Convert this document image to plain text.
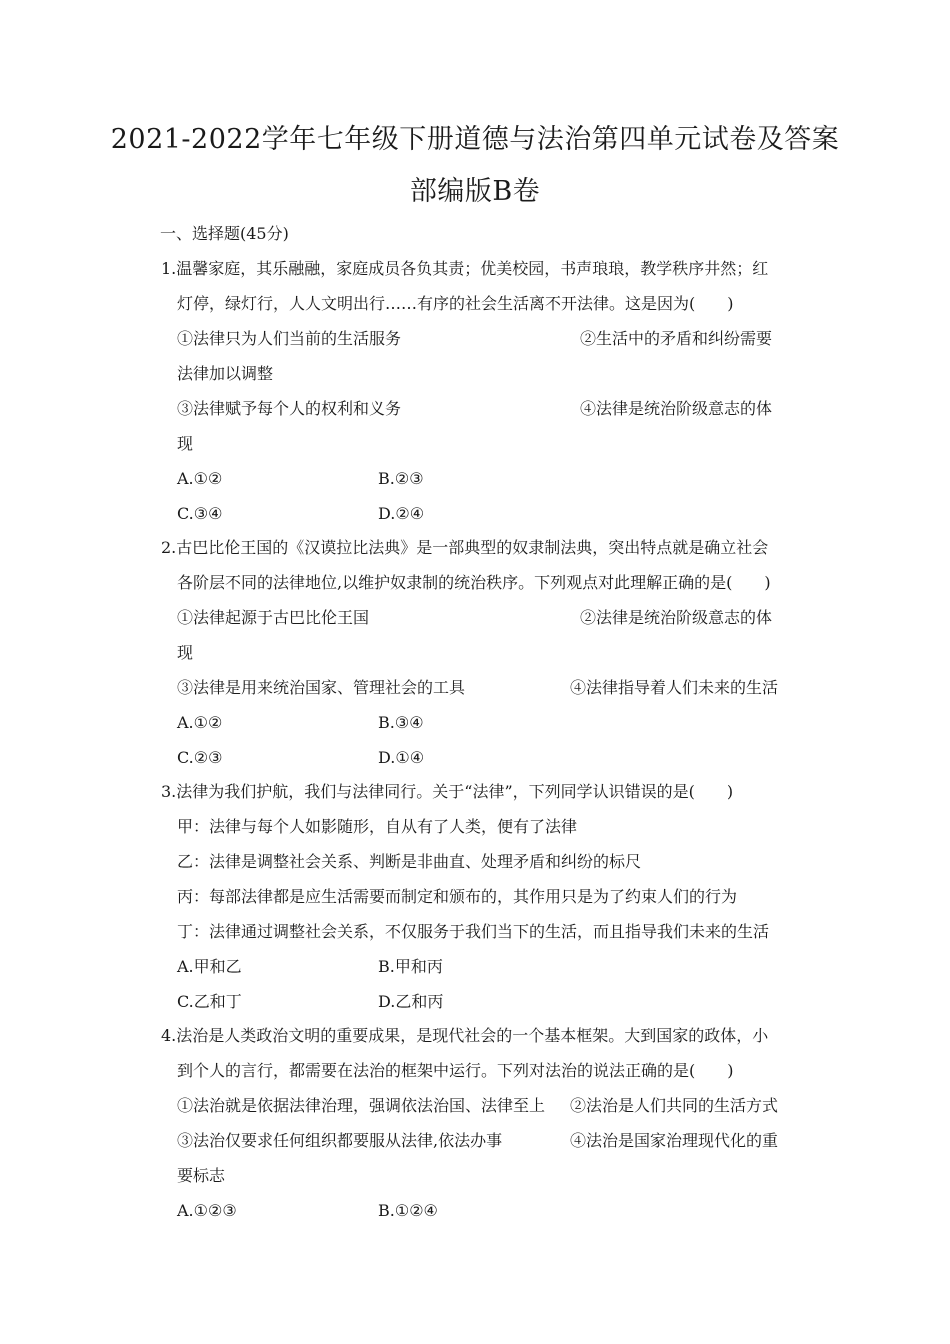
2021-2022学年七年级下册道德与法治第四单元试卷及答案
部编版B卷
一、选择题(45分)
1.温馨家庭，其乐融融，家庭成员各负其责；优美校园，书声琅琅，教学秩序井然；红
灯停，绿灯行，人人文明出行……有序的社会生活离不开法律。这是因为(　　)
①法律只为人们当前的生活服务	②生活中的矛盾和纠纷需要
法律加以调整
③法律赋予每个人的权利和义务	④法律是统治阶级意志的体
现
A.①②	B.②③
C.③④	D.②④
2.古巴比伦王国的《汉谟拉比法典》是一部典型的奴隶制法典，突出特点就是确立社会
各阶层不同的法律地位,以维护奴隶制的统治秩序。下列观点对此理解正确的是(　　)
①法律起源于古巴比伦王国	②法律是统治阶级意志的体
现
③法律是用来统治国家、管理社会的工具	④法律指导着人们未来的生活
A.①②	B.③④
C.②③	D.①④
3.法律为我们护航，我们与法律同行。关于“法律”，下列同学认识错误的是(　　)
甲：法律与每个人如影随形，自从有了人类，便有了法律
乙：法律是调整社会关系、判断是非曲直、处理矛盾和纠纷的标尺
丙：每部法律都是应生活需要而制定和颁布的，其作用只是为了约束人们的行为
丁：法律通过调整社会关系，不仅服务于我们当下的生活，而且指导我们未来的生活
A.甲和乙	B.甲和丙
C.乙和丁	D.乙和丙
4.法治是人类政治文明的重要成果，是现代社会的一个基本框架。大到国家的政体，小
到个人的言行，都需要在法治的框架中运行。下列对法治的说法正确的是(　　)
①法治就是依据法律治理，强调依法治国、法律至上 ②法治是人们共同的生活方式
③法治仅要求任何组织都要服从法律,依法办事	④法治是国家治理现代化的重
要标志
A.①②③	B.①②④
